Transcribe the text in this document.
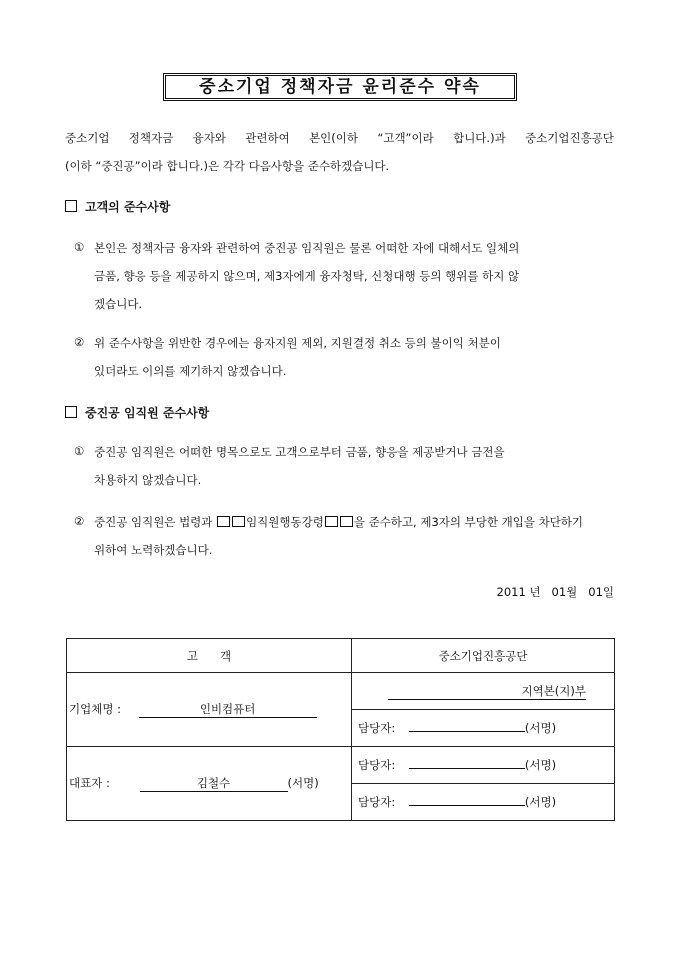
중소기업 정책자금 윤리준수 약속
중소기업 정책자금 융자와 관련하여 본인(이하 “고객”이라 합니다.)과 중소기업진흥공단
(이하 “중진공”이라 합니다.)은 각각 다음사항을 준수하겠습니다.
고객의 준수사항
① 본인은 정책자금 융자와 관련하여 중진공 임직원은 물론 어떠한 자에 대해서도 일체의
금품, 향응 등을 제공하지 않으며, 제3자에게 융자청탁, 신청대행 등의 행위를 하지 않
겠습니다.
② 위 준수사항을 위반한 경우에는 융자지원 제외, 지원결정 취소 등의 불이익 처분이
있더라도 이의를 제기하지 않겠습니다.
중진공 임직원 준수사항
① 중진공 임직원은 어떠한 명목으로도 고객으로부터 금품, 향응을 제공받거나 금전을
차용하지 않겠습니다.
② 중진공 임직원은 법령과	임직원행동강령	을 준수하고, 제3자의 부당한 개입을 차단하기
위하여 노력하겠습니다.
2011 년   01월   01일
고      객	중소기업진흥공단
기업체명 : 인비컴퓨터	지역본(지)부
	담당자: (서명)
대표자 : 김철수 (서명)	담당자: (서명)
	담당자: (서명)
